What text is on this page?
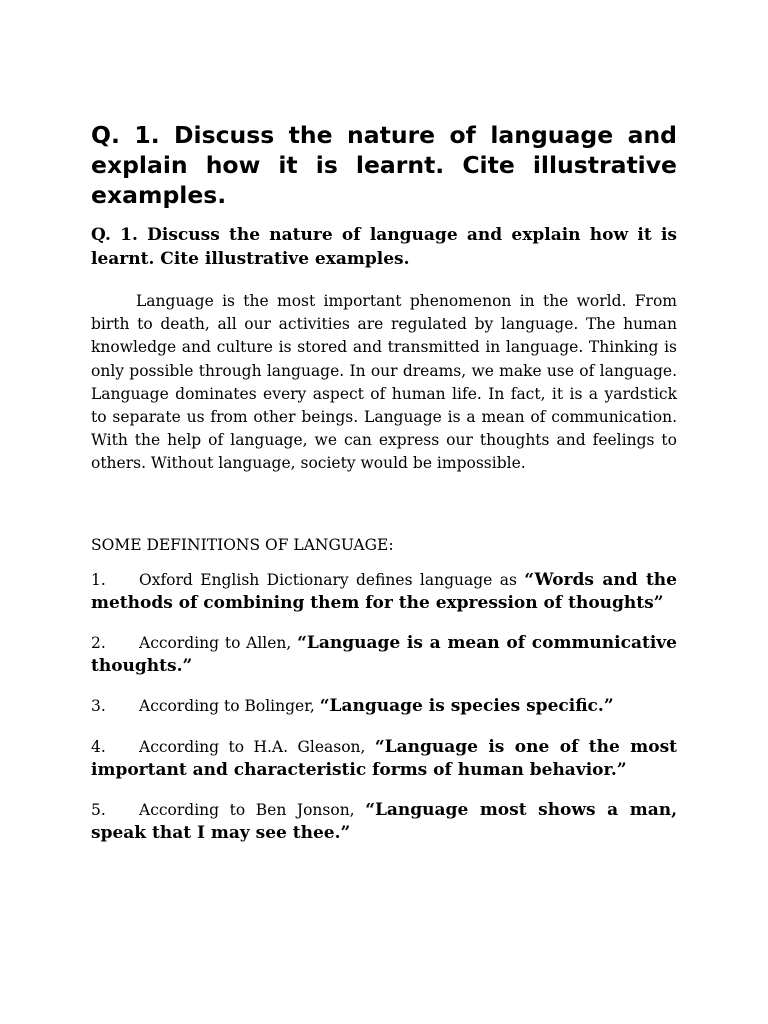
Q. 1. Discuss the nature of language and explain how it is learnt. Cite illustrative examples.
Q. 1. Discuss the nature of language and explain how it is learnt. Cite illustrative examples.

Language is the most important phenomenon in the world. From birth to death, all our activities are regulated by language. The human knowledge and culture is stored and transmitted in language. Thinking is only possible through language. In our dreams, we make use of language. Language dominates every aspect of human life. In fact, it is a yardstick to separate us from other beings. Language is a mean of communication. With the help of language, we can express our thoughts and feelings to others. Without language, society would be impossible.

SOME DEFINITIONS OF LANGUAGE:

1. Oxford English Dictionary defines language as “Words and the methods of combining them for the expression of thoughts”

2. According to Allen, “Language is a mean of communicative thoughts.”

3. According to Bolinger, “Language is species specific.”

4. According to H.A. Gleason, “Language is one of the most important and characteristic forms of human behavior.”

5. According to Ben Jonson, “Language most shows a man, speak that I may see thee.”
